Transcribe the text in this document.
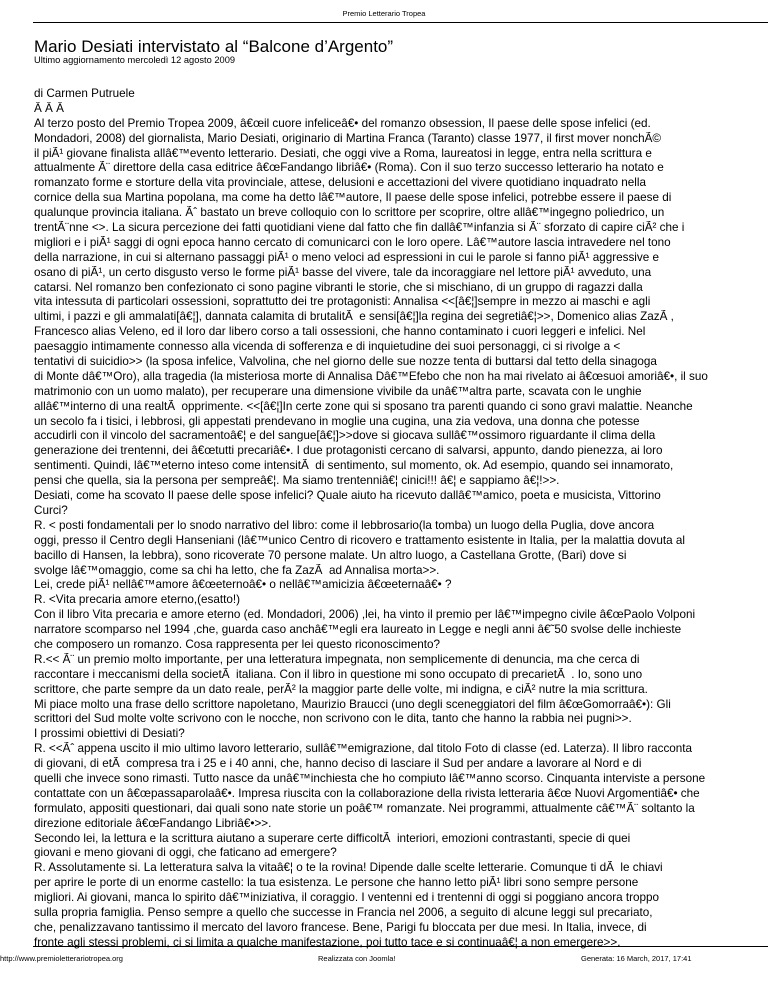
Premio Letterario Tropea
Mario Desiati intervistato al “Balcone d’Argento”
Ultimo aggiornamento mercoledì 12 agosto 2009
di Carmen Putruele
Â Â Â
Al terzo posto del Premio Tropea 2009, â€œil cuore infeliceâ€• del romanzo obsession, Il paese delle spose infelici (ed.
Mondadori, 2008) del giornalista, Mario Desiati, originario di Martina Franca (Taranto) classe 1977, il first mover nonchÃ©
il piÃ¹ giovane finalista allâ€™evento letterario. Desiati, che oggi vive a Roma, laureatosi in legge, entra nella scrittura e
attualmente Ã¨ direttore della casa editrice â€œFandango libriâ€• (Roma). Con il suo terzo successo letterario ha notato e
romanzato forme e storture della vita provinciale, attese, delusioni e accettazioni del vivere quotidiano inquadrato nella
cornice della sua Martina popolana, ma come ha detto lâ€™autore, Il paese delle spose infelici, potrebbe essere il paese di
qualunque provincia italiana. Ãˆ bastato un breve colloquio con lo scrittore per scoprire, oltre allâ€™ingegno poliedrico, un
trentÃ¨nne <>. La sicura percezione dei fatti quotidiani viene dal fatto che fin dallâ€™infanzia si Ã¨ sforzato di capire ciÃ² che i
migliori e i piÃ¹ saggi di ogni epoca hanno cercato di comunicarci con le loro opere. Lâ€™autore lascia intravedere nel tono
della narrazione, in cui si alternano passaggi piÃ¹ o meno veloci ad espressioni in cui le parole si fanno piÃ¹ aggressive e
osano di piÃ¹, un certo disgusto verso le forme piÃ¹ basse del vivere, tale da incoraggiare nel lettore piÃ¹ avveduto, una
catarsi. Nel romanzo ben confezionato ci sono pagine vibranti le storie, che si mischiano, di un gruppo di ragazzi dalla
vita intessuta di particolari ossessioni, soprattutto dei tre protagonisti: Annalisa <<[â€¦]sempre in mezzo ai maschi e agli
ultimi, i pazzi e gli ammalati[â€¦], dannata calamita di brutalitÃ  e sensi[â€¦]la regina dei segretiâ€¦>>, Domenico alias ZazÃ ,
Francesco alias Veleno, ed il loro dar libero corso a tali ossessioni, che hanno contaminato i cuori leggeri e infelici. Nel
paesaggio intimamente connesso alla vicenda di sofferenza e di inquietudine dei suoi personaggi, ci si rivolge a <
tentativi di suicidio>> (la sposa infelice, Valvolina, che nel giorno delle sue nozze tenta di buttarsi dal tetto della sinagoga
di Monte dâ€™Oro), alla tragedia (la misteriosa morte di Annalisa Dâ€™Efebo che non ha mai rivelato ai â€œsuoi amoriâ€•, il suo
matrimonio con un uomo malato), per recuperare una dimensione vivibile da unâ€™altra parte, scavata con le unghie
allâ€™interno di una realtÃ  opprimente. <<[â€¦]In certe zone qui si sposano tra parenti quando ci sono gravi malattie. Neanche
un secolo fa i tisici, i lebbrosi, gli appestati prendevano in moglie una cugina, una zia vedova, una donna che potesse
accudirli con il vincolo del sacramentoâ€¦ e del sangue[â€¦]>>dove si giocava sullâ€™ossimoro riguardante il clima della
generazione dei trentenni, dei â€œtutti precariâ€•. I due protagonisti cercano di salvarsi, appunto, dando pienezza, ai loro
sentimenti. Quindi, lâ€™eterno inteso come intensitÃ  di sentimento, sul momento, ok. Ad esempio, quando sei innamorato,
pensi che quella, sia la persona per sempreâ€¦. Ma siamo trentenniâ€¦ cinici!!! â€¦ e sappiamo â€¦!>>.
Desiati, come ha scovato Il paese delle spose infelici? Quale aiuto ha ricevuto dallâ€™amico, poeta e musicista, Vittorino
Curci?
R. < posti fondamentali per lo snodo narrativo del libro: come il lebbrosario(la tomba) un luogo della Puglia, dove ancora
oggi, presso il Centro degli Hanseniani (lâ€™unico Centro di ricovero e trattamento esistente in Italia, per la malattia dovuta al
bacillo di Hansen, la lebbra), sono ricoverate 70 persone malate. Un altro luogo, a Castellana Grotte, (Bari) dove si
svolge lâ€™omaggio, come sa chi ha letto, che fa ZazÃ  ad Annalisa morta>>.
Lei, crede piÃ¹ nellâ€™amore â€œeternoâ€• o nellâ€™amicizia â€œeternaâ€• ?
R. <Vita precaria amore eterno,(esatto!)
Con il libro Vita precaria e amore eterno (ed. Mondadori, 2006) ,lei, ha vinto il premio per lâ€™impegno civile â€œPaolo Volponi
narratore scomparso nel 1994 ,che, guarda caso anchâ€™egli era laureato in Legge e negli anni â€˜50 svolse delle inchieste
che composero un romanzo. Cosa rappresenta per lei questo riconoscimento?
R.<< Ã¨ un premio molto importante, per una letteratura impegnata, non semplicemente di denuncia, ma che cerca di
raccontare i meccanismi della societÃ  italiana. Con il libro in questione mi sono occupato di precarietÃ  . Io, sono uno
scrittore, che parte sempre da un dato reale, perÃ² la maggior parte delle volte, mi indigna, e ciÃ² nutre la mia scrittura.
Mi piace molto una frase dello scrittore napoletano, Maurizio Braucci (uno degli sceneggiatori del film â€œGomorraâ€•): Gli
scrittori del Sud molte volte scrivono con le nocche, non scrivono con le dita, tanto che hanno la rabbia nei pugni>>.
I prossimi obiettivi di Desiati?
R. <<Ãˆ appena uscito il mio ultimo lavoro letterario, sullâ€™emigrazione, dal titolo Foto di classe (ed. Laterza). Il libro racconta
di giovani, di etÃ  compresa tra i 25 e i 40 anni, che, hanno deciso di lasciare il Sud per andare a lavorare al Nord e di
quelli che invece sono rimasti. Tutto nasce da unâ€™inchiesta che ho compiuto lâ€™anno scorso. Cinquanta interviste a persone
contattate con un â€œpassaparolaâ€•. Impresa riuscita con la collaborazione della rivista letteraria â€œ Nuovi Argomentiâ€• che
formulato, appositi questionari, dai quali sono nate storie un poâ€™ romanzate. Nei programmi, attualmente câ€™Ã¨ soltanto la
direzione editoriale â€œFandango Libriâ€•>>.
Secondo lei, la lettura e la scrittura aiutano a superare certe difficoltÃ  interiori, emozioni contrastanti, specie di quei
giovani e meno giovani di oggi, che faticano ad emergere?
R. Assolutamente si. La letteratura salva la vitaâ€¦ o te la rovina! Dipende dalle scelte letterarie. Comunque ti dÃ  le chiavi
per aprire le porte di un enorme castello: la tua esistenza. Le persone che hanno letto piÃ¹ libri sono sempre persone
migliori. Ai giovani, manca lo spirito dâ€™iniziativa, il coraggio. I ventenni ed i trentenni di oggi si poggiano ancora troppo
sulla propria famiglia. Penso sempre a quello che successe in Francia nel 2006, a seguito di alcune leggi sul precariato,
che, penalizzavano tantissimo il mercato del lavoro francese. Bene, Parigi fu bloccata per due mesi. In Italia, invece, di
fronte agli stessi problemi, ci si limita a qualche manifestazione, poi tutto tace e si continuaâ€¦ a non emergere>>.
http://www.premioletterariotropea.org	Realizzata con Joomla!	Generata: 16 March, 2017, 17:41
